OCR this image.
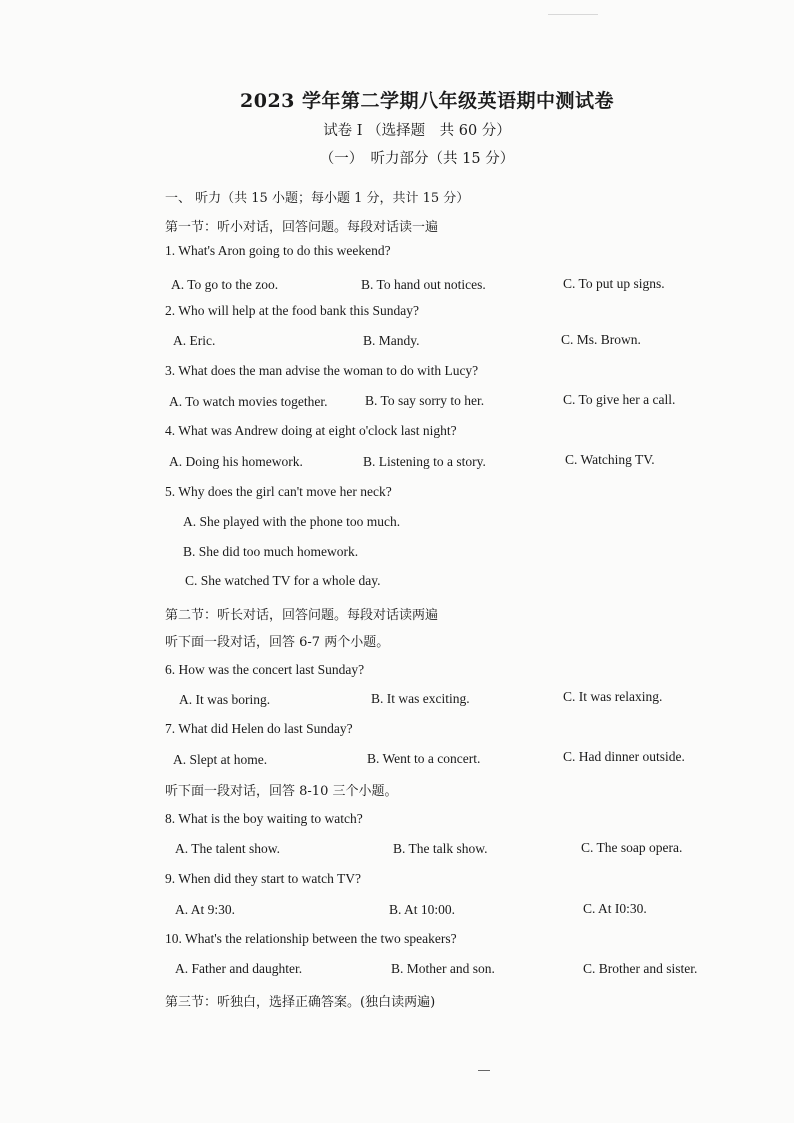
2023 学年第二学期八年级英语期中测试卷
试卷 I （选择题　共 60 分）
（一）　听力部分（共 15 分）
一、 听力（共 15 小题；每小题 1 分，共计 15 分）
第一节：听小对话，回答问题。每段对话读一遍
1. What's Aron going to do this weekend?
A. To go to the zoo.	B. To hand out notices.	C. To put up signs.
2. Who will help at the food bank this Sunday?
A. Eric.	B. Mandy.	C. Ms. Brown.
3. What does the man advise the woman to do with Lucy?
A. To watch movies together.	B. To say sorry to her.	C. To give her a call.
4. What was Andrew doing at eight o'clock last night?
A. Doing his homework.	B. Listening to a story.	C. Watching TV.
5. Why does the girl can't move her neck?
A. She played with the phone too much.
B. She did too much homework.
C. She watched TV for a whole day.
第二节：听长对话，回答问题。每段对话读两遍
听下面一段对话，回答 6-7 两个小题。
6. How was the concert last Sunday?
A. It was boring.	B. It was exciting.	C. It was relaxing.
7. What did Helen do last Sunday?
A. Slept at home.	B. Went to a concert.	C. Had dinner outside.
听下面一段对话，回答 8-10 三个小题。
8. What is the boy waiting to watch?
A. The talent show.	B. The talk show.	C. The soap opera.
9. When did they start to watch TV?
A. At 9:30.	B. At 10:00.	C. At I0:30.
10. What's the relationship between the two speakers?
A. Father and daughter.	B. Mother and son.	C. Brother and sister.
第三节：听独白，选择正确答案。(独白读两遍)
